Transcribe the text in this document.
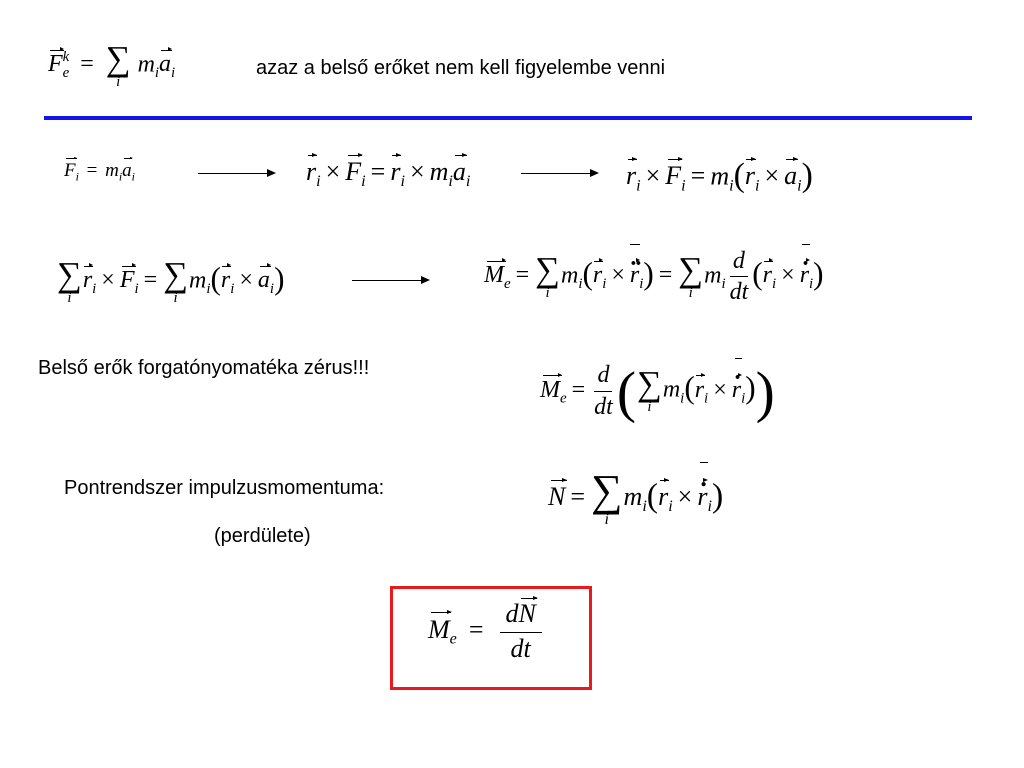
$F^k_e$ = ∑
i
$m_ia_i$	azaz a belső erőket nem kell figyelembe venni
$F_i = m_ia_i$	$r_i \times F_i = r_i \times m_ia_i$	$r_i \times F_i = m_i(r_i \times a_i)$
∑
i
$r_i \times F_i$ = ∑
i
$m_i(r_i \times a_i)$	$M_e$ = ∑
i
$m_i(r_i$ × .. $r_i$) = ∑
i
$m_i \frac{d}{dt} (r_i$ × . $r_i$)
Belső erők forgatónyomatéka zérus!!!
$M_e = \frac{d}{dt}$ ( ∑
i
$m_i(r_i$ × . $r_i$))
Pontrendszer impulzusmomentuma:
(perdülete)
N = ∑
i
$m_i(r_i$ × . $r_i$)
$M_e = \frac{dN}{dt}$
